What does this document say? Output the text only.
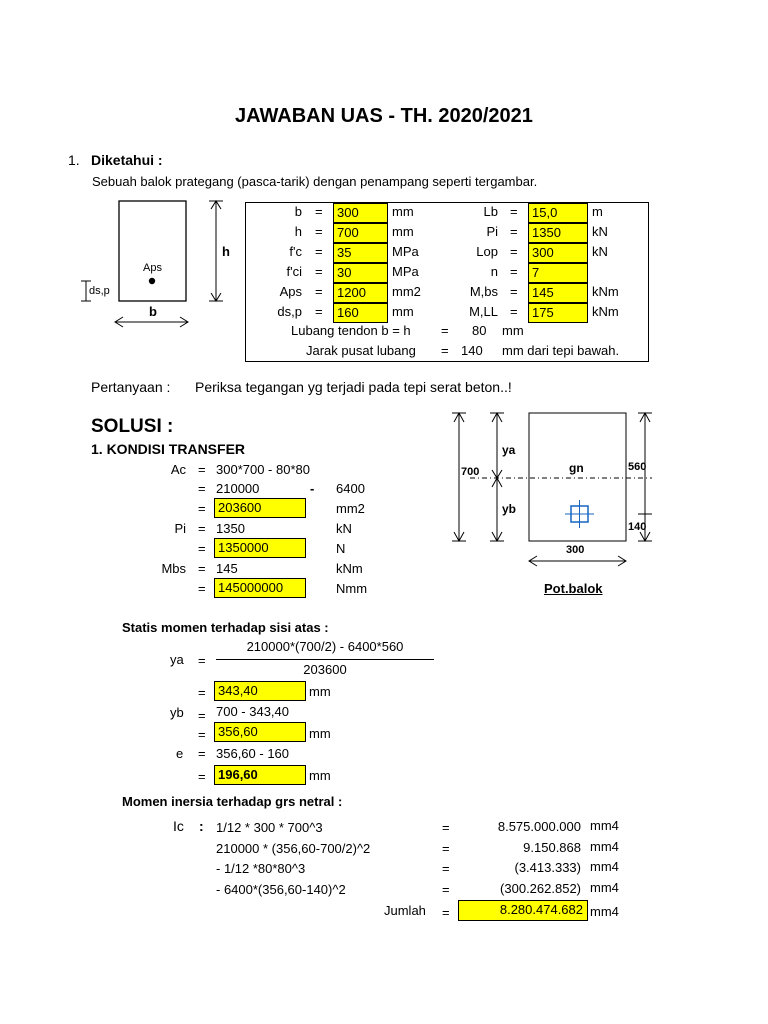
JAWABAN UAS - TH. 2020/2021
1. Diketahui :
Sebuah balok prategang (pasca-tarik) dengan penampang seperti tergambar.
h
b
Aps
ds,p
b =	300	mm
h =	700	mm
f'c =	35	MPa
f'ci =	30	MPa
Aps =	1200	mm2
ds,p =	160	mm
Lb =	15,0	m
Pi =	1350	kN
Lop =	300	kN
n =	7
M,bs =	145	kNm
M,LL =	175	kNm
Lubang tendon b = h = 80 mm
Jarak pusat lubang = 140 mm dari tepi bawah.
Pertanyaan : Periksa tegangan yg terjadi pada tepi serat beton..!
SOLUSI :
1. KONDISI TRANSFER
Ac = 300*700 - 80*80
= 210000	- 6400
= 203600	mm2
Pi = 1350	kN
= 1350000	N
Mbs = 145	kNm
= 145000000	Nmm
ya
yb
gn
700	560
140
300
Pot.balok
Statis momen terhadap sisi atas :
ya =
210000*(700/2) - 6400*560
203600
= 343,40	mm
yb = 700 - 343,40
= 356,60	mm
e = 356,60 - 160
= 196,60	mm
Momen inersia terhadap grs netral :
Ic : 1/12 * 300 * 700^3	=	8.575.000.000 mm4
210000 * (356,60-700/2)^2	=	9.150.868 mm4
- 1/12 *80*80^3	=	(3.413.333) mm4
- 6400*(356,60-140)^2	=	(300.262.852) mm4
Jumlah =	8.280.474.682 mm4
